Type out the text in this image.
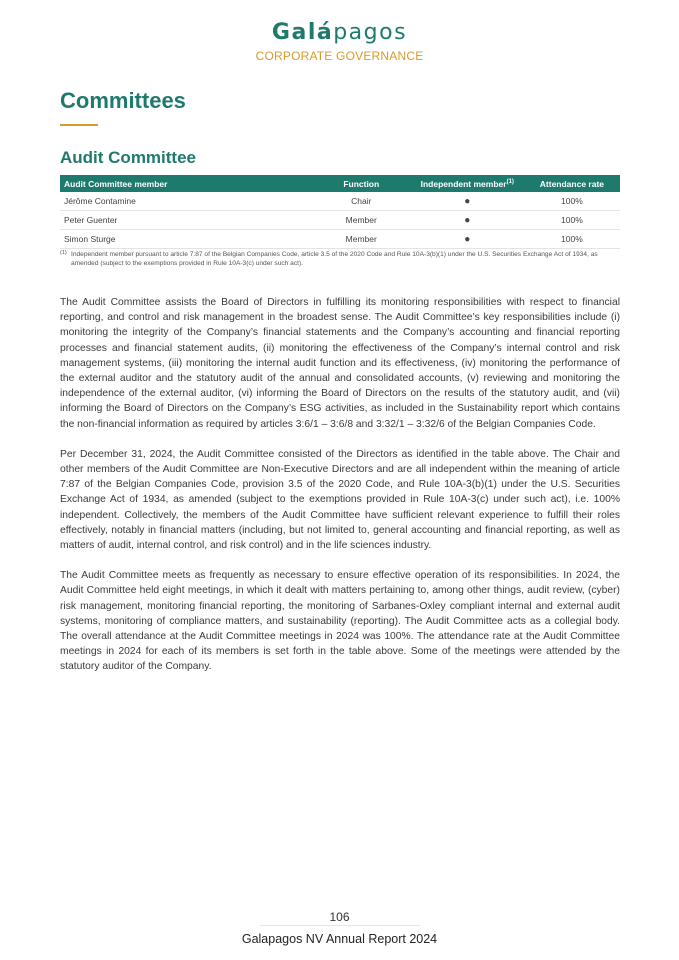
Galápagos
CORPORATE GOVERNANCE
Committees
Audit Committee
Audit Committee member	Function	Independent member$^{(1)}$	Attendance rate
Jérôme Contamine	Chair	●	100%
Peter Guenter	Member	●	100%
Simon Sturge	Member	●	100%
(1) Independent member pursuant to article 7:87 of the Belgian Companies Code, article 3.5 of the 2020 Code and Rule 10A-3(b)(1) under the U.S. Securities Exchange Act of 1934, as amended (subject to the exemptions provided in Rule 10A-3(c) under such act).

The Audit Committee assists the Board of Directors in fulfilling its monitoring responsibilities with respect to financial reporting, and control and risk management in the broadest sense. The Audit Committee’s key responsibilities include (i) monitoring the integrity of the Company’s financial statements and the Company’s accounting and financial reporting processes and financial statement audits, (ii) monitoring the effectiveness of the Company’s internal control and risk management systems, (iii) monitoring the internal audit function and its effectiveness, (iv) monitoring the performance of the external auditor and the statutory audit of the annual and consolidated accounts, (v) reviewing and monitoring the independence of the external auditor, (vi) informing the Board of Directors on the results of the statutory audit, and (vii) informing the Board of Directors on the Company’s ESG activities, as included in the Sustainability report which contains the non-financial information as required by articles 3:6/1 – 3:6/8 and 3:32/1 – 3:32/6 of the Belgian Companies Code.

Per December 31, 2024, the Audit Committee consisted of the Directors as identified in the table above. The Chair and other members of the Audit Committee are Non-Executive Directors and are all independent within the meaning of article 7:87 of the Belgian Companies Code, provision 3.5 of the 2020 Code, and Rule 10A-3(b)(1) under the U.S. Securities Exchange Act of 1934, as amended (subject to the exemptions provided in Rule 10A-3(c) under such act), i.e. 100% independent. Collectively, the members of the Audit Committee have sufficient relevant experience to fulfill their roles effectively, notably in financial matters (including, but not limited to, general accounting and financial reporting, as well as matters of audit, internal control, and risk control) and in the life sciences industry.

The Audit Committee meets as frequently as necessary to ensure effective operation of its responsibilities. In 2024, the Audit Committee held eight meetings, in which it dealt with matters pertaining to, among other things, audit review, (cyber) risk management, monitoring financial reporting, the monitoring of Sarbanes-Oxley compliant internal and external audit systems, monitoring of compliance matters, and sustainability (reporting). The Audit Committee acts as a collegial body. The overall attendance at the Audit Committee meetings in 2024 was 100%. The attendance rate at the Audit Committee meetings in 2024 for each of its members is set forth in the table above. Some of the meetings were attended by the statutory auditor of the Company.

106
Galapagos NV Annual Report 2024
